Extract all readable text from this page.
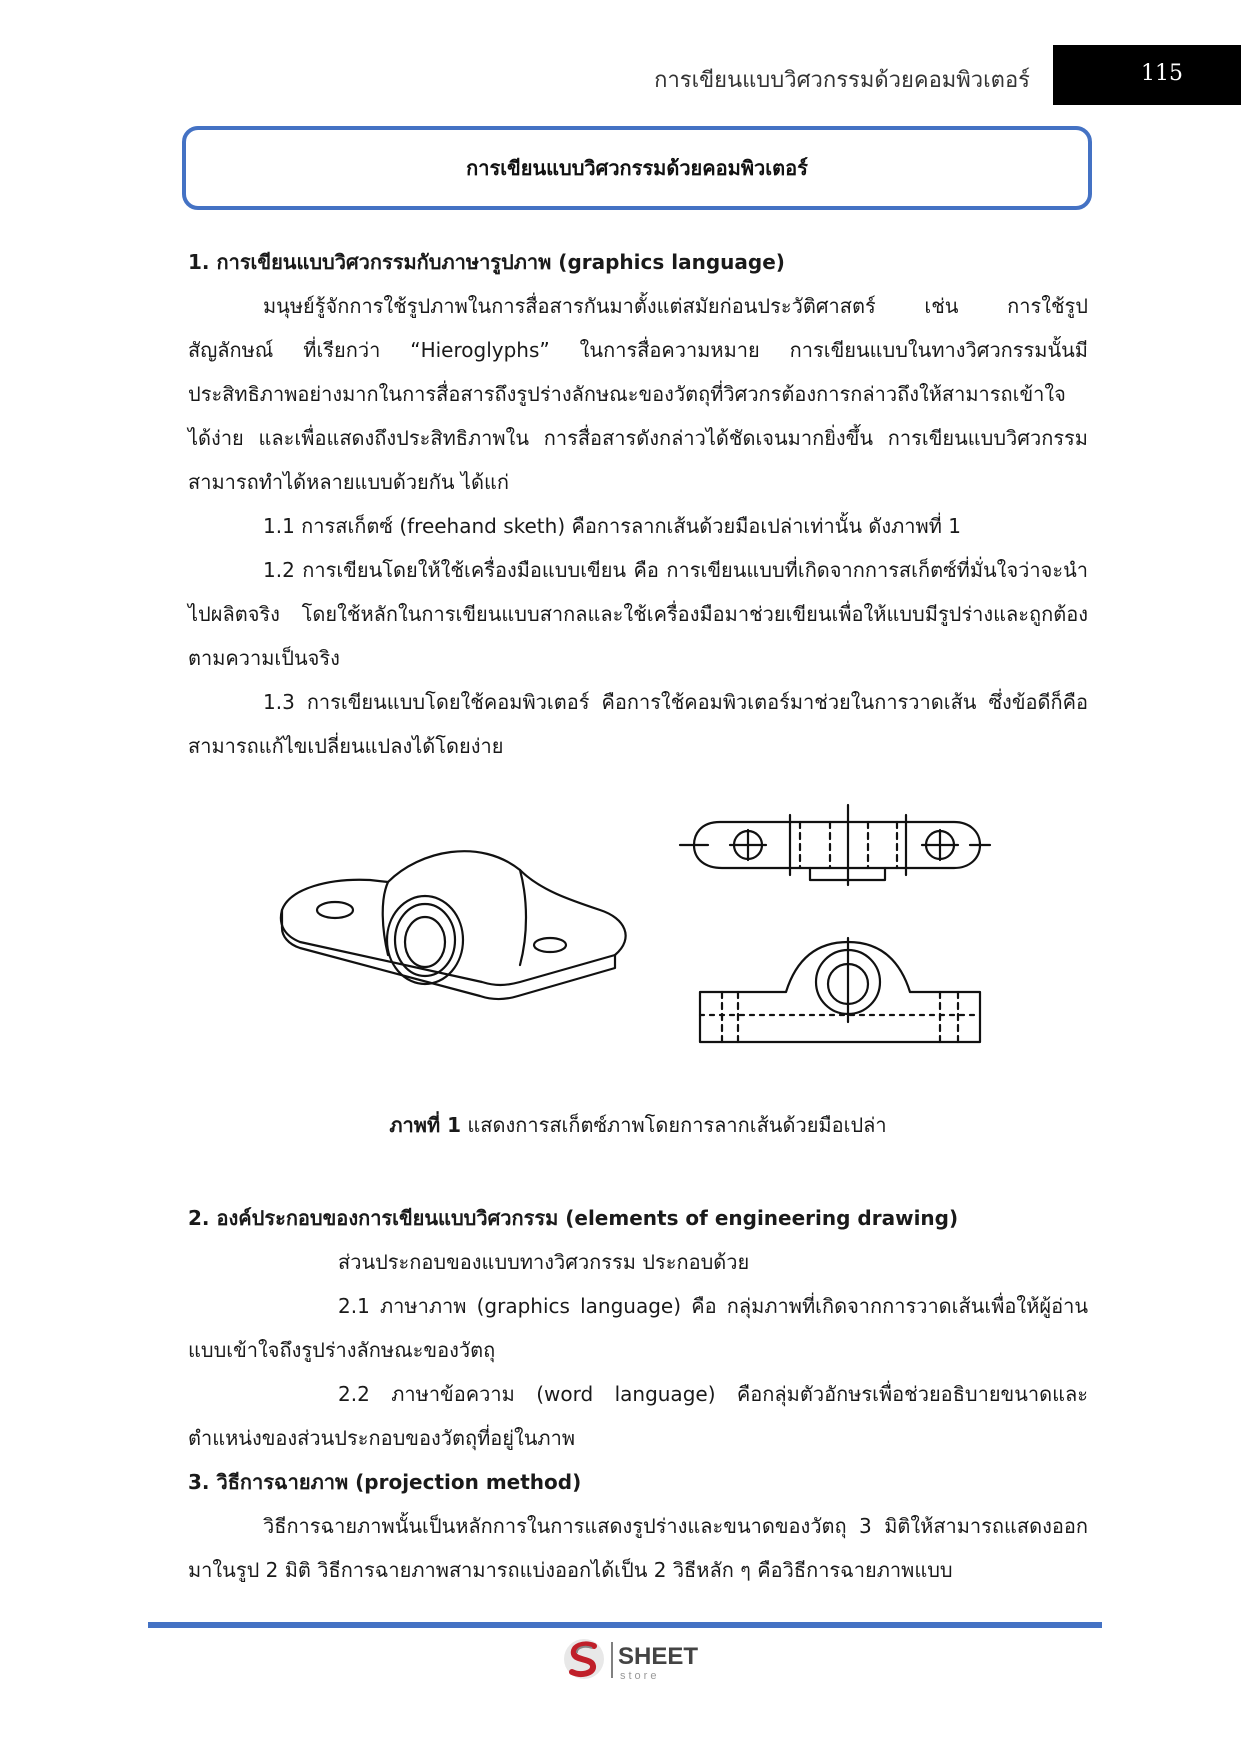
การเขียนแบบวิศวกรรมด้วยคอมพิวเตอร์	115
การเขียนแบบวิศวกรรมด้วยคอมพิวเตอร์

1. การเขียนแบบวิศวกรรมกับภาษารูปภาพ (graphics language)

มนุษย์รู้จักการใช้รูปภาพในการสื่อสารกันมาตั้งแต่สมัยก่อนประวัติศาสตร์ เช่น การใช้รูปสัญลักษณ์ ที่เรียกว่า “Hieroglyphs” ในการสื่อความหมาย การเขียนแบบในทางวิศวกรรมนั้นมีประสิทธิภาพอย่างมากในการสื่อสารถึงรูปร่างลักษณะของวัตถุที่วิศวกรต้องการกล่าวถึงให้สามารถเข้าใจได้ง่าย และเพื่อแสดงถึงประสิทธิภาพใน การสื่อสารดังกล่าวได้ชัดเจนมากยิ่งขึ้น การเขียนแบบวิศวกรรมสามารถทำได้หลายแบบด้วยกัน ได้แก่

1.1 การสเก็ตซ์ (freehand sketh) คือการลากเส้นด้วยมือเปล่าเท่านั้น ดังภาพที่ 1

1.2 การเขียนโดยให้ใช้เครื่องมือแบบเขียน คือ การเขียนแบบที่เกิดจากการสเก็ตซ์ที่มั่นใจว่าจะนำไปผลิตจริง โดยใช้หลักในการเขียนแบบสากลและใช้เครื่องมือมาช่วยเขียนเพื่อให้แบบมีรูปร่างและถูกต้องตามความเป็นจริง

1.3 การเขียนแบบโดยใช้คอมพิวเตอร์ คือการใช้คอมพิวเตอร์มาช่วยในการวาดเส้น ซึ่งข้อดีก็คือสามารถแก้ไขเปลี่ยนแปลงได้โดยง่าย

ภาพที่ 1 แสดงการสเก็ตซ์ภาพโดยการลากเส้นด้วยมือเปล่า

2. องค์ประกอบของการเขียนแบบวิศวกรรม (elements of engineering drawing)

ส่วนประกอบของแบบทางวิศวกรรม ประกอบด้วย

2.1 ภาษาภาพ (graphics language) คือ กลุ่มภาพที่เกิดจากการวาดเส้นเพื่อให้ผู้อ่านแบบเข้าใจถึงรูปร่างลักษณะของวัตถุ

2.2 ภาษาข้อความ (word language) คือกลุ่มตัวอักษรเพื่อช่วยอธิบายขนาดและตำแหน่งของส่วนประกอบของวัตถุที่อยู่ในภาพ

3. วิธีการฉายภาพ (projection method)

วิธีการฉายภาพนั้นเป็นหลักการในการแสดงรูปร่างและขนาดของวัตถุ 3 มิติให้สามารถแสดงออกมาในรูป 2 มิติ วิธีการฉายภาพสามารถแบ่งออกได้เป็น 2 วิธีหลัก ๆ คือวิธีการฉายภาพแบบ

SHEET
store
